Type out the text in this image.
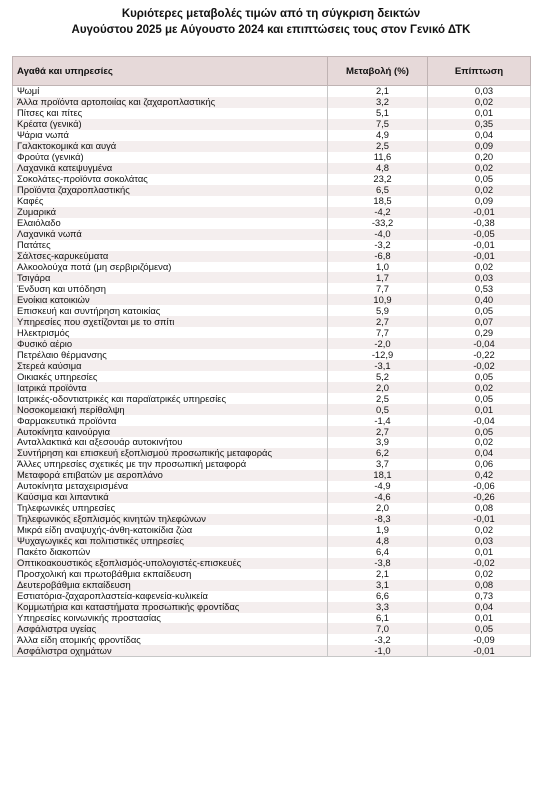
Κυριότερες μεταβολές τιμών από τη σύγκριση δεικτών
Αυγούστου 2025 με Αύγουστο 2024 και επιπτώσεις τους στον Γενικό ΔΤΚ
Αγαθά και υπηρεσίες	Μεταβολή (%)	Επίπτωση
Ψωμί	2,1	0,03
Άλλα προϊόντα αρτοποιίας και ζαχαροπλαστικής	3,2	0,02
Πίτσες και πίτες	5,1	0,01
Κρέατα (γενικά)	7,5	0,35
Ψάρια νωπά	4,9	0,04
Γαλακτοκομικά και αυγά	2,5	0,09
Φρούτα (γενικά)	11,6	0,20
Λαχανικά κατεψυγμένα	4,8	0,02
Σοκολάτες-προϊόντα σοκολάτας	23,2	0,05
Προϊόντα ζαχαροπλαστικής	6,5	0,02
Καφές	18,5	0,09
Ζυμαρικά	-4,2	-0,01
Ελαιόλαδο	-33,2	-0,38
Λαχανικά νωπά	-4,0	-0,05
Πατάτες	-3,2	-0,01
Σάλτσες-καρυκεύματα	-6,8	-0,01
Αλκοολούχα ποτά (μη σερβιριζόμενα)	1,0	0,02
Τσιγάρα	1,7	0,03
Ένδυση και υπόδηση	7,7	0,53
Ενοίκια κατοικιών	10,9	0,40
Επισκευή και συντήρηση κατοικίας	5,9	0,05
Υπηρεσίες που σχετίζονται με το σπίτι	2,7	0,07
Ηλεκτρισμός	7,7	0,29
Φυσικό αέριο	-2,0	-0,04
Πετρέλαιο θέρμανσης	-12,9	-0,22
Στερεά καύσιμα	-3,1	-0,02
Οικιακές υπηρεσίες	5,2	0,05
Ιατρικά προϊόντα	2,0	0,02
Ιατρικές-οδοντιατρικές και παραϊατρικές υπηρεσίες	2,5	0,05
Νοσοκομειακή περίθαλψη	0,5	0,01
Φαρμακευτικά προϊόντα	-1,4	-0,04
Αυτοκίνητα καινούργια	2,7	0,05
Ανταλλακτικά και αξεσουάρ αυτοκινήτου	3,9	0,02
Συντήρηση και επισκευή εξοπλισμού προσωπικής μεταφοράς	6,2	0,04
Άλλες υπηρεσίες σχετικές με την προσωπική μεταφορά	3,7	0,06
Μεταφορά επιβατών με αεροπλάνο	18,1	0,42
Αυτοκίνητα μεταχειρισμένα	-4,9	-0,06
Καύσιμα και λιπαντικά	-4,6	-0,26
Τηλεφωνικές υπηρεσίες	2,0	0,08
Τηλεφωνικός εξοπλισμός κινητών τηλεφώνων	-8,3	-0,01
Μικρά είδη αναψυχής-άνθη-κατοικίδια ζώα	1,9	0,02
Ψυχαγωγικές και πολιτιστικές υπηρεσίες	4,8	0,03
Πακέτο διακοπών	6,4	0,01
Οπτικοακουστικός εξοπλισμός-υπολογιστές-επισκευές	-3,8	-0,02
Προσχολική και πρωτοβάθμια εκπαίδευση	2,1	0,02
Δευτεροβάθμια εκπαίδευση	3,1	0,08
Εστιατόρια-ζαχαροπλαστεία-καφενεία-κυλικεία	6,6	0,73
Κομμωτήρια και καταστήματα προσωπικής φροντίδας	3,3	0,04
Υπηρεσίες κοινωνικής προστασίας	6,1	0,01
Ασφάλιστρα υγείας	7,0	0,05
Άλλα είδη ατομικής φροντίδας	-3,2	-0,09
Ασφάλιστρα οχημάτων	-1,0	-0,01
